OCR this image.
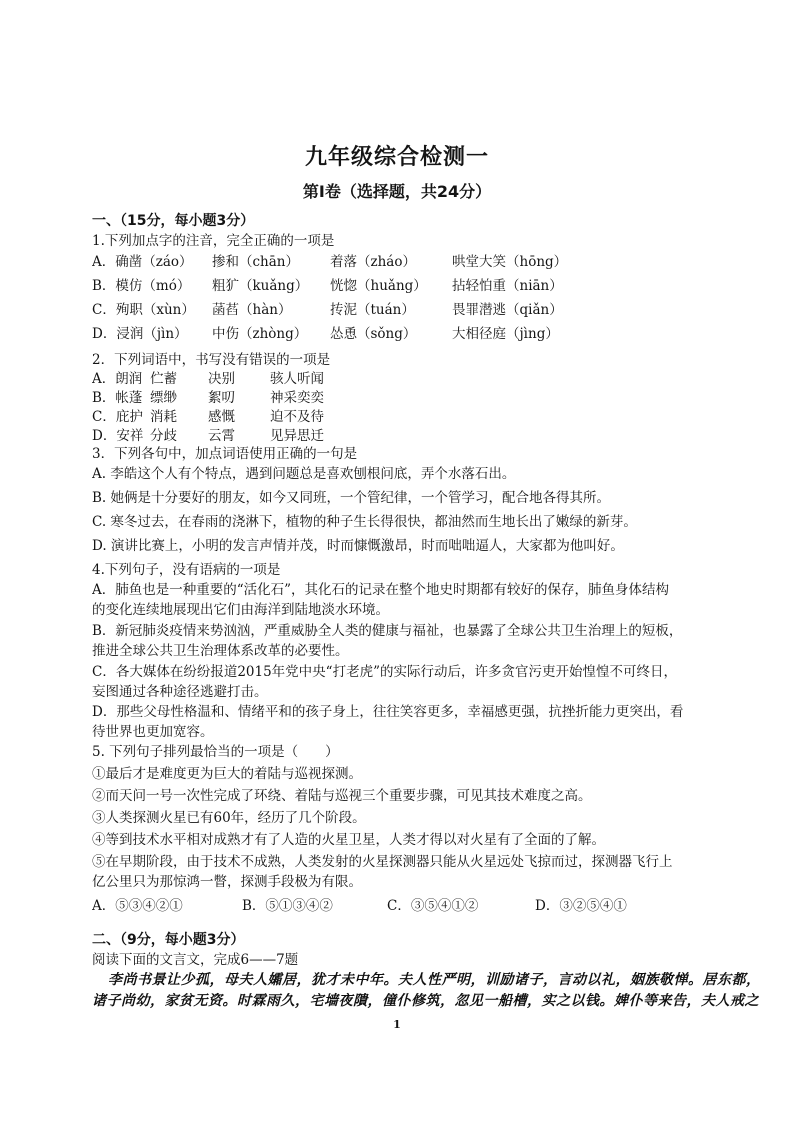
九年级综合检测一
第Ⅰ卷（选择题，共24分）
一、（15分，每小题3分）
1.下列加点字的注音，完全正确的一项是
A．确凿（záo）	掺和（chān）	着落（zháo）	哄堂大笑（hōng）
B．模仿（mó）	粗犷（kuǎng）	恍惚（huǎng）	拈轻怕重（niān）
C．殉职（xùn）	菡萏（hàn）	抟泥（tuán）	畏罪潜逃（qiǎn）
D．浸润（jìn）	中伤（zhòng）	怂恿（sǒng）	大相径庭（jìng）
2．下列词语中，书写没有错误的一项是
A．朗润 伫蓄	决别	骇人听闻
B．帐蓬 缥缈	絮叨	神采奕奕
C．庇护 消耗	感慨	迫不及待
D．安祥 分歧	云霄	见异思迁
3．下列各句中，加点词语使用正确的一句是
A. 李皓这个人有个特点，遇到问题总是喜欢刨根问底，弄个水落石出。
B. 她俩是十分要好的朋友，如今又同班，一个管纪律，一个管学习，配合地各得其所。
C. 寒冬过去，在春雨的浇淋下，植物的种子生长得很快，都油然而生地长出了嫩绿的新芽。
D. 演讲比赛上，小明的发言声情并茂，时而慷慨激昂，时而咄咄逼人，大家都为他叫好。
4.下列句子，没有语病的一项是
A．肺鱼也是一种重要的“活化石”，其化石的记录在整个地史时期都有较好的保存，肺鱼身体结构
的变化连续地展现出它们由海洋到陆地淡水环境。
B．新冠肺炎疫情来势汹汹，严重威胁全人类的健康与福祉，也暴露了全球公共卫生治理上的短板，
推进全球公共卫生治理体系改革的必要性。
C．各大媒体在纷纷报道2015年党中央“打老虎”的实际行动后，许多贪官污吏开始惶惶不可终日，
妄图通过各种途径逃避打击。
D．那些父母性格温和、情绪平和的孩子身上，往往笑容更多，幸福感更强，抗挫折能力更突出，看
待世界也更加宽容。
5. 下列句子排列最恰当的一项是（　　）
①最后才是难度更为巨大的着陆与巡视探测。
②而天问一号一次性完成了环绕、着陆与巡视三个重要步骤，可见其技术难度之高。
③人类探测火星已有60年，经历了几个阶段。
④等到技术水平相对成熟才有了人造的火星卫星，人类才得以对火星有了全面的了解。
⑤在早期阶段，由于技术不成熟，人类发射的火星探测器只能从火星远处飞掠而过，探测器飞行上
亿公里只为那惊鸿一瞥，探测手段极为有限。
A．⑤③④②①	B．⑤①③④②	C．③⑤④①②	D．③②⑤④①
二、（9分，每小题3分）
阅读下面的文言文，完成6——7题
李尚书景让少孤，母夫人孀居，犹才未中年。夫人性严明，训励诸子，言动以礼，姻族敬惮。居东都，
诸子尚幼，家贫无资。时霖雨久，宅墙夜隤，僮仆修筑，忽见一船槽，实之以钱。婢仆等来告，夫人戒之
1
